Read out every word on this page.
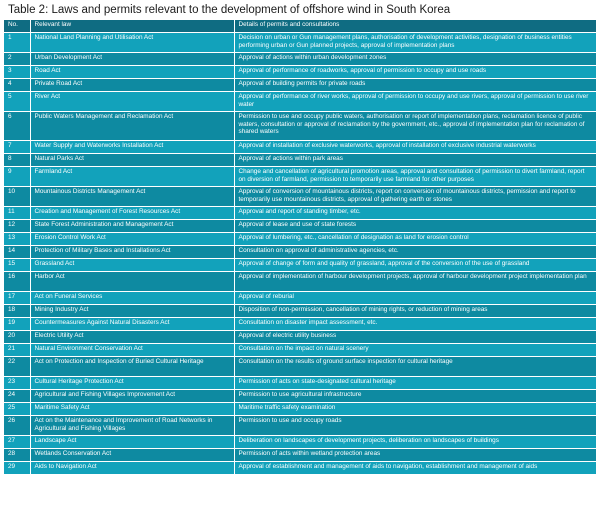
Table 2: Laws and permits relevant to the development of offshore wind in South Korea
No.	Relevant law	Details of permits and consultations
1	National Land Planning and Utilisation Act	Decision on urban or Gun management plans, authorisation of development activities, designation of business entities performing urban or Gun planned projects, approval of implementation plans
2	Urban Development Act	Approval of actions within urban development zones
3	Road Act	Approval of performance of roadworks, approval of permission to occupy and use roads
4	Private Road Act	Approval of building permits for private roads
5	River Act	Approval of performance of river works, approval of permission to occupy and use rivers, approval of permission to use river water
6	Public Waters Management and Reclamation Act	Permission to use and occupy public waters, authorisation or report of implementation plans, reclamation licence of public waters, consultation or approval of reclamation by the government, etc., approval of implementation plan for reclamation of shared waters
7	Water Supply and Waterworks Installation Act	Approval of installation of exclusive waterworks, approval of installation of exclusive industrial waterworks
8	Natural Parks Act	Approval of actions within park areas
9	Farmland Act	Change and cancellation of agricultural promotion areas, approval and consultation of permission to divert farmland, report on diversion of farmland, permission to temporarily use farmland for other purposes
10	Mountainous Districts Management Act	Approval of conversion of mountainous districts, report on conversion of mountainous districts, permission and report to temporarily use mountainous districts, approval of gathering earth or stones
11	Creation and Management of Forest Resources Act	Approval and report of standing timber, etc.
12	State Forest Administration and Management Act	Approval of lease and use of state forests
13	Erosion Control Work Act	Approval of lumbering, etc., cancellation of designation as land for erosion control
14	Protection of Military Bases and Installations Act	Consultation on approval of administrative agencies, etc.
15	Grassland Act	Approval of change of form and quality of grassland, approval of the conversion of the use of grassland
16	Harbor Act	Approval of implementation of harbour development projects, approval of harbour development project implementation plan
17	Act on Funeral Services	Approval of reburial
18	Mining Industry Act	Disposition of non-permission, cancellation of mining rights, or reduction of mining areas
19	Countermeasures Against Natural Disasters Act	Consultation on disaster impact assessment, etc.
20	Electric Utility Act	Approval of electric utility business
21	Natural Environment Conservation Act	Consultation on the impact on natural scenery
22	Act on Protection and Inspection of Buried Cultural Heritage	Consultation on the results of ground surface inspection for cultural heritage
23	Cultural Heritage Protection Act	Permission of acts on state-designated cultural heritage
24	Agricultural and Fishing Villages Improvement Act	Permission to use agricultural infrastructure
25	Maritime Safety Act	Maritime traffic safety examination
26	Act on the Maintenance and Improvement of Road Networks in Agricultural and Fishing Villages	Permission to use and occupy roads
27	Landscape Act	Deliberation on landscapes of development projects, deliberation on landscapes of buildings
28	Wetlands Conservation Act	Permission of acts within wetland protection areas
29	Aids to Navigation Act	Approval of establishment and management of aids to navigation, establishment and management of aids
